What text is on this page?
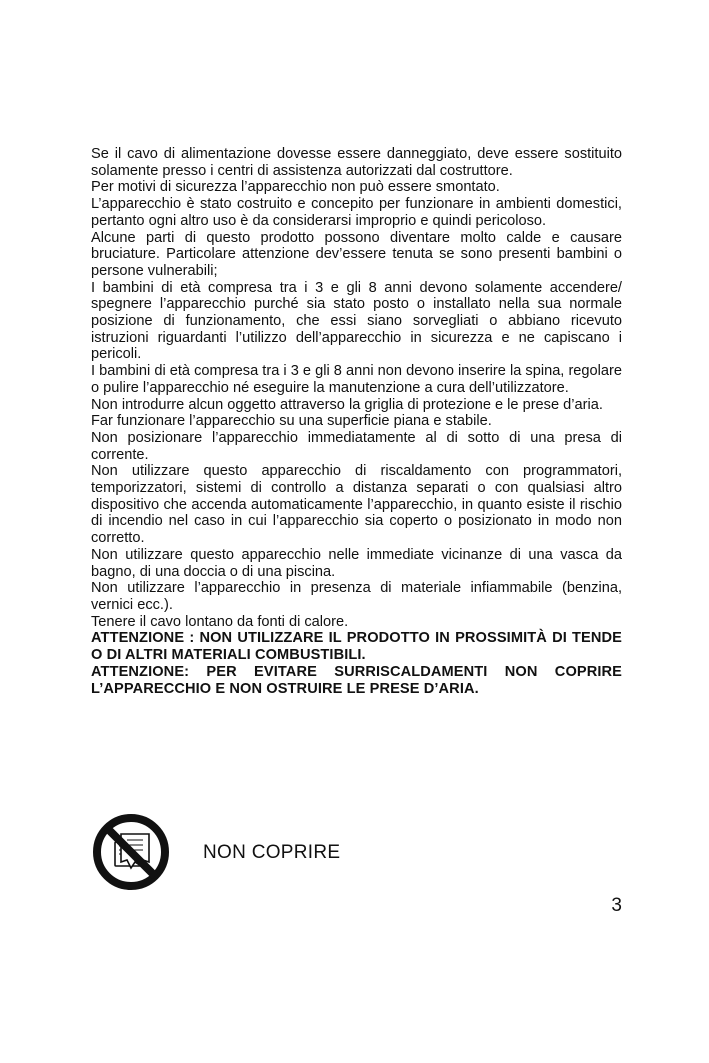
Se il cavo di alimentazione dovesse essere danneggiato, deve essere sostituito solamente presso i centri di assistenza autorizzati dal costruttore.

Per motivi di sicurezza l’apparecchio non può essere smontato.

L’apparecchio è stato costruito e concepito per funzionare in ambienti domestici, pertanto ogni altro uso è da considerarsi improprio e quindi pericoloso.

Alcune parti di questo prodotto possono diventare molto calde e causare bruciature. Particolare attenzione dev’essere tenuta se sono presenti bambini o persone vulnerabili;

I bambini di età compresa tra i 3 e gli 8 anni devono solamente accendere/ spegnere l’apparecchio purché sia stato posto o installato nella sua normale posizione di funzionamento, che essi siano sorvegliati o abbiano ricevuto istruzioni riguardanti l’utilizzo dell’apparecchio in sicurezza e ne capiscano i pericoli.

I bambini di età compresa tra i 3 e gli 8 anni non devono inserire la spina, regolare o pulire l’apparecchio né eseguire la manutenzione a cura dell’utilizzatore.

Non introdurre alcun oggetto attraverso la griglia di protezione e le prese d’aria.

Far funzionare l’apparecchio su una superficie piana e stabile.

Non posizionare l’apparecchio immediatamente al di sotto di una presa di corrente.

Non utilizzare questo apparecchio di riscaldamento con programmatori, temporizzatori, sistemi di controllo a distanza separati o con qualsiasi altro dispositivo che accenda automaticamente l’apparecchio, in quanto esiste il rischio di incendio nel caso in cui l’apparecchio sia coperto o posizionato in modo non corretto.

Non utilizzare questo apparecchio nelle immediate vicinanze di una vasca da bagno, di una doccia o di una piscina.

Non utilizzare l’apparecchio in presenza di materiale infiammabile (benzina, vernici ecc.).

Tenere il cavo lontano da fonti di calore.

ATTENZIONE : NON UTILIZZARE IL PRODOTTO IN PROSSIMITÀ DI TENDE O DI ALTRI MATERIALI COMBUSTIBILI.

ATTENZIONE: PER EVITARE SURRISCALDAMENTI NON COPRIRE L’APPARECCHIO E NON OSTRUIRE LE PRESE D’ARIA.

NON COPRIRE
3
